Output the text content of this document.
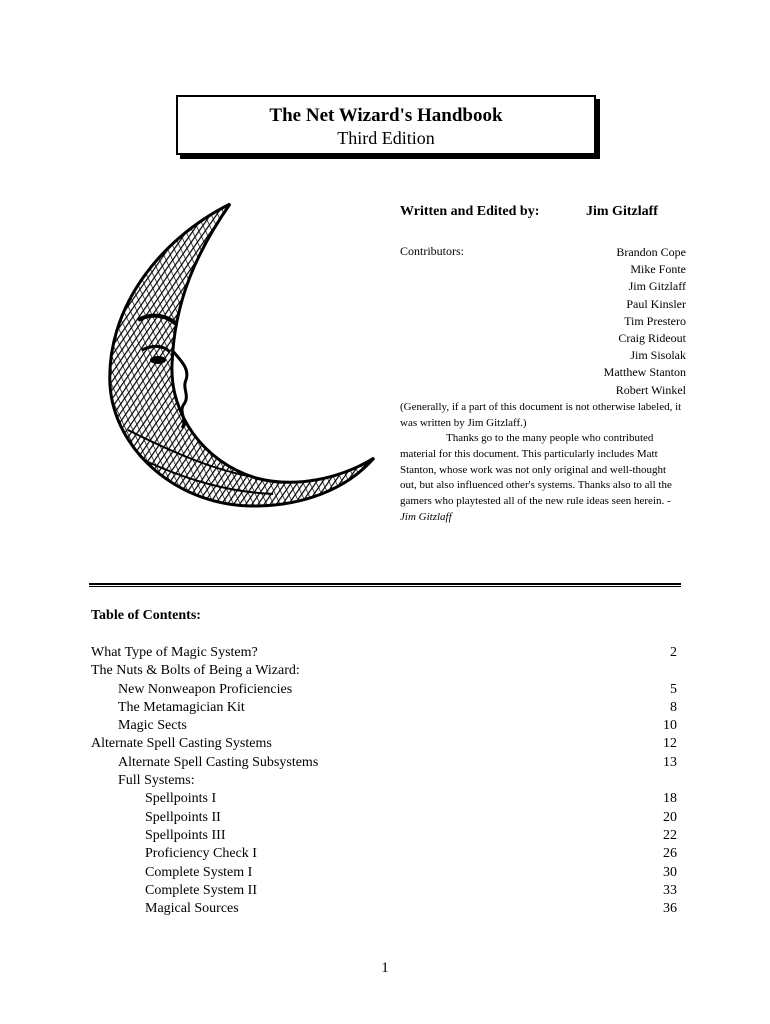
The Net Wizard's Handbook
Third Edition
Written and Edited by:	Jim Gitzlaff
Contributors:	Brandon Cope
Mike Fonte
Jim Gitzlaff
Paul Kinsler
Tim Prestero
Craig Rideout
Jim Sisolak
Matthew Stanton
Robert Winkel

(Generally, if a part of this document is not otherwise labeled, it was written by Jim Gitzlaff.)

Thanks go to the many people who contributed material for this document. This particularly includes Matt Stanton, whose work was not only original and well-thought out, but also influenced other's systems. Thanks also to all the gamers who playtested all of the new rule ideas seen herein. - Jim Gitzlaff

Table of Contents:
What Type of Magic System?	2
The Nuts & Bolts of Being a Wizard:
New Nonweapon Proficiencies	5
The Metamagician Kit	8
Magic Sects	10
Alternate Spell Casting Systems	12
Alternate Spell Casting Subsystems	13
Full Systems:
Spellpoints I	18
Spellpoints II	20
Spellpoints III	22
Proficiency Check I	26
Complete System I	30
Complete System II	33
Magical Sources	36
1
